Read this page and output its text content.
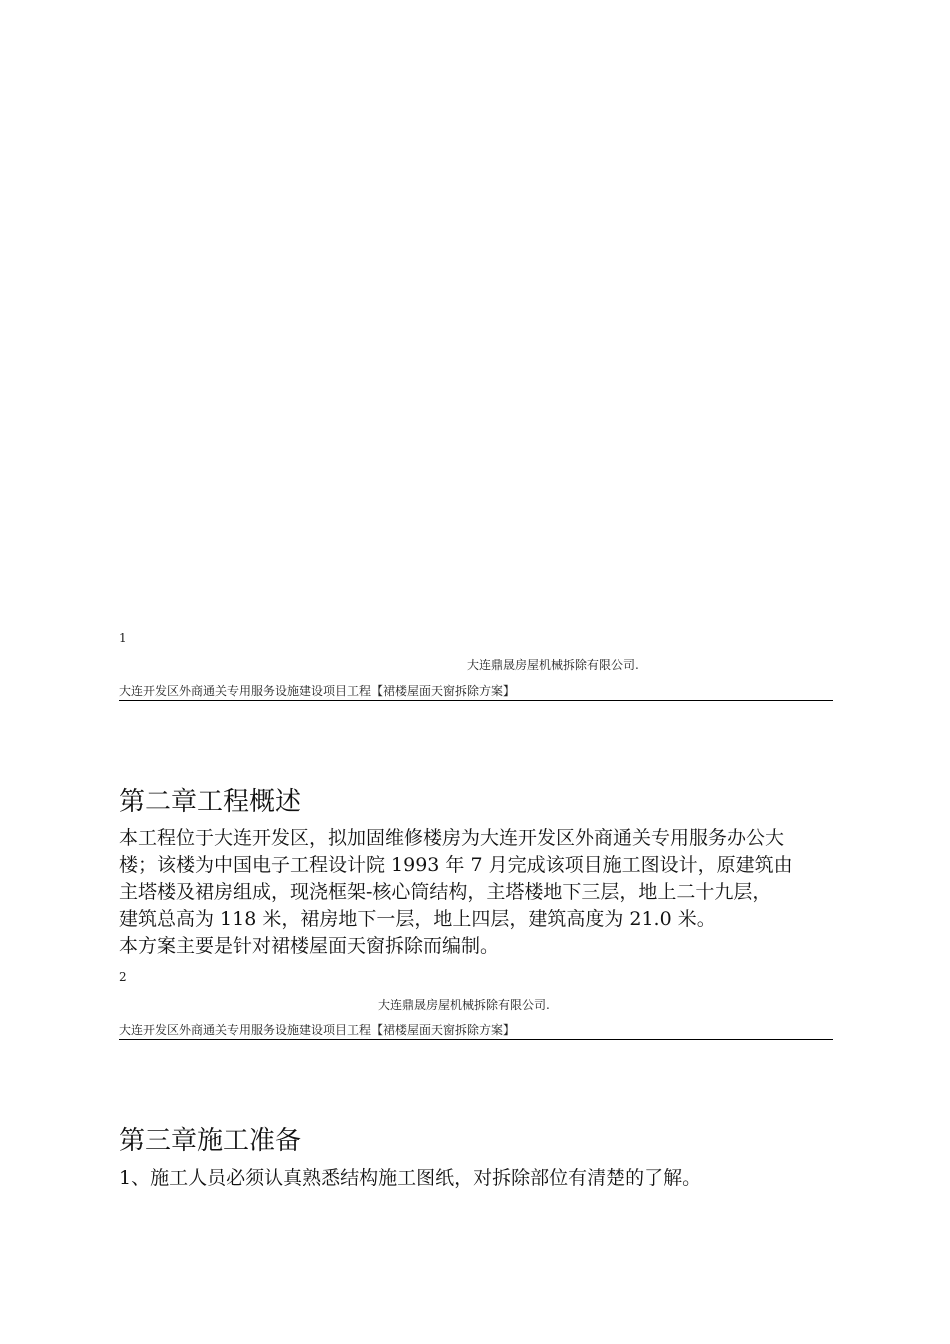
1
大连鼎晟房屋机械拆除有限公司.
大连开发区外商通关专用服务设施建设项目工程【裙楼屋面天窗拆除方案】
第二章工程概述
本工程位于大连开发区，拟加固维修楼房为大连开发区外商通关专用服务办公大
楼；该楼为中国电子工程设计院 1993 年 7 月完成该项目施工图设计，原建筑由
主塔楼及裙房组成，现浇框架-核心筒结构，主塔楼地下三层，地上二十九层，
建筑总高为 118 米，裙房地下一层，地上四层，建筑高度为 21.0 米。
本方案主要是针对裙楼屋面天窗拆除而编制。
2
大连鼎晟房屋机械拆除有限公司.
大连开发区外商通关专用服务设施建设项目工程【裙楼屋面天窗拆除方案】
第三章施工准备
1、施工人员必须认真熟悉结构施工图纸，对拆除部位有清楚的了解。
